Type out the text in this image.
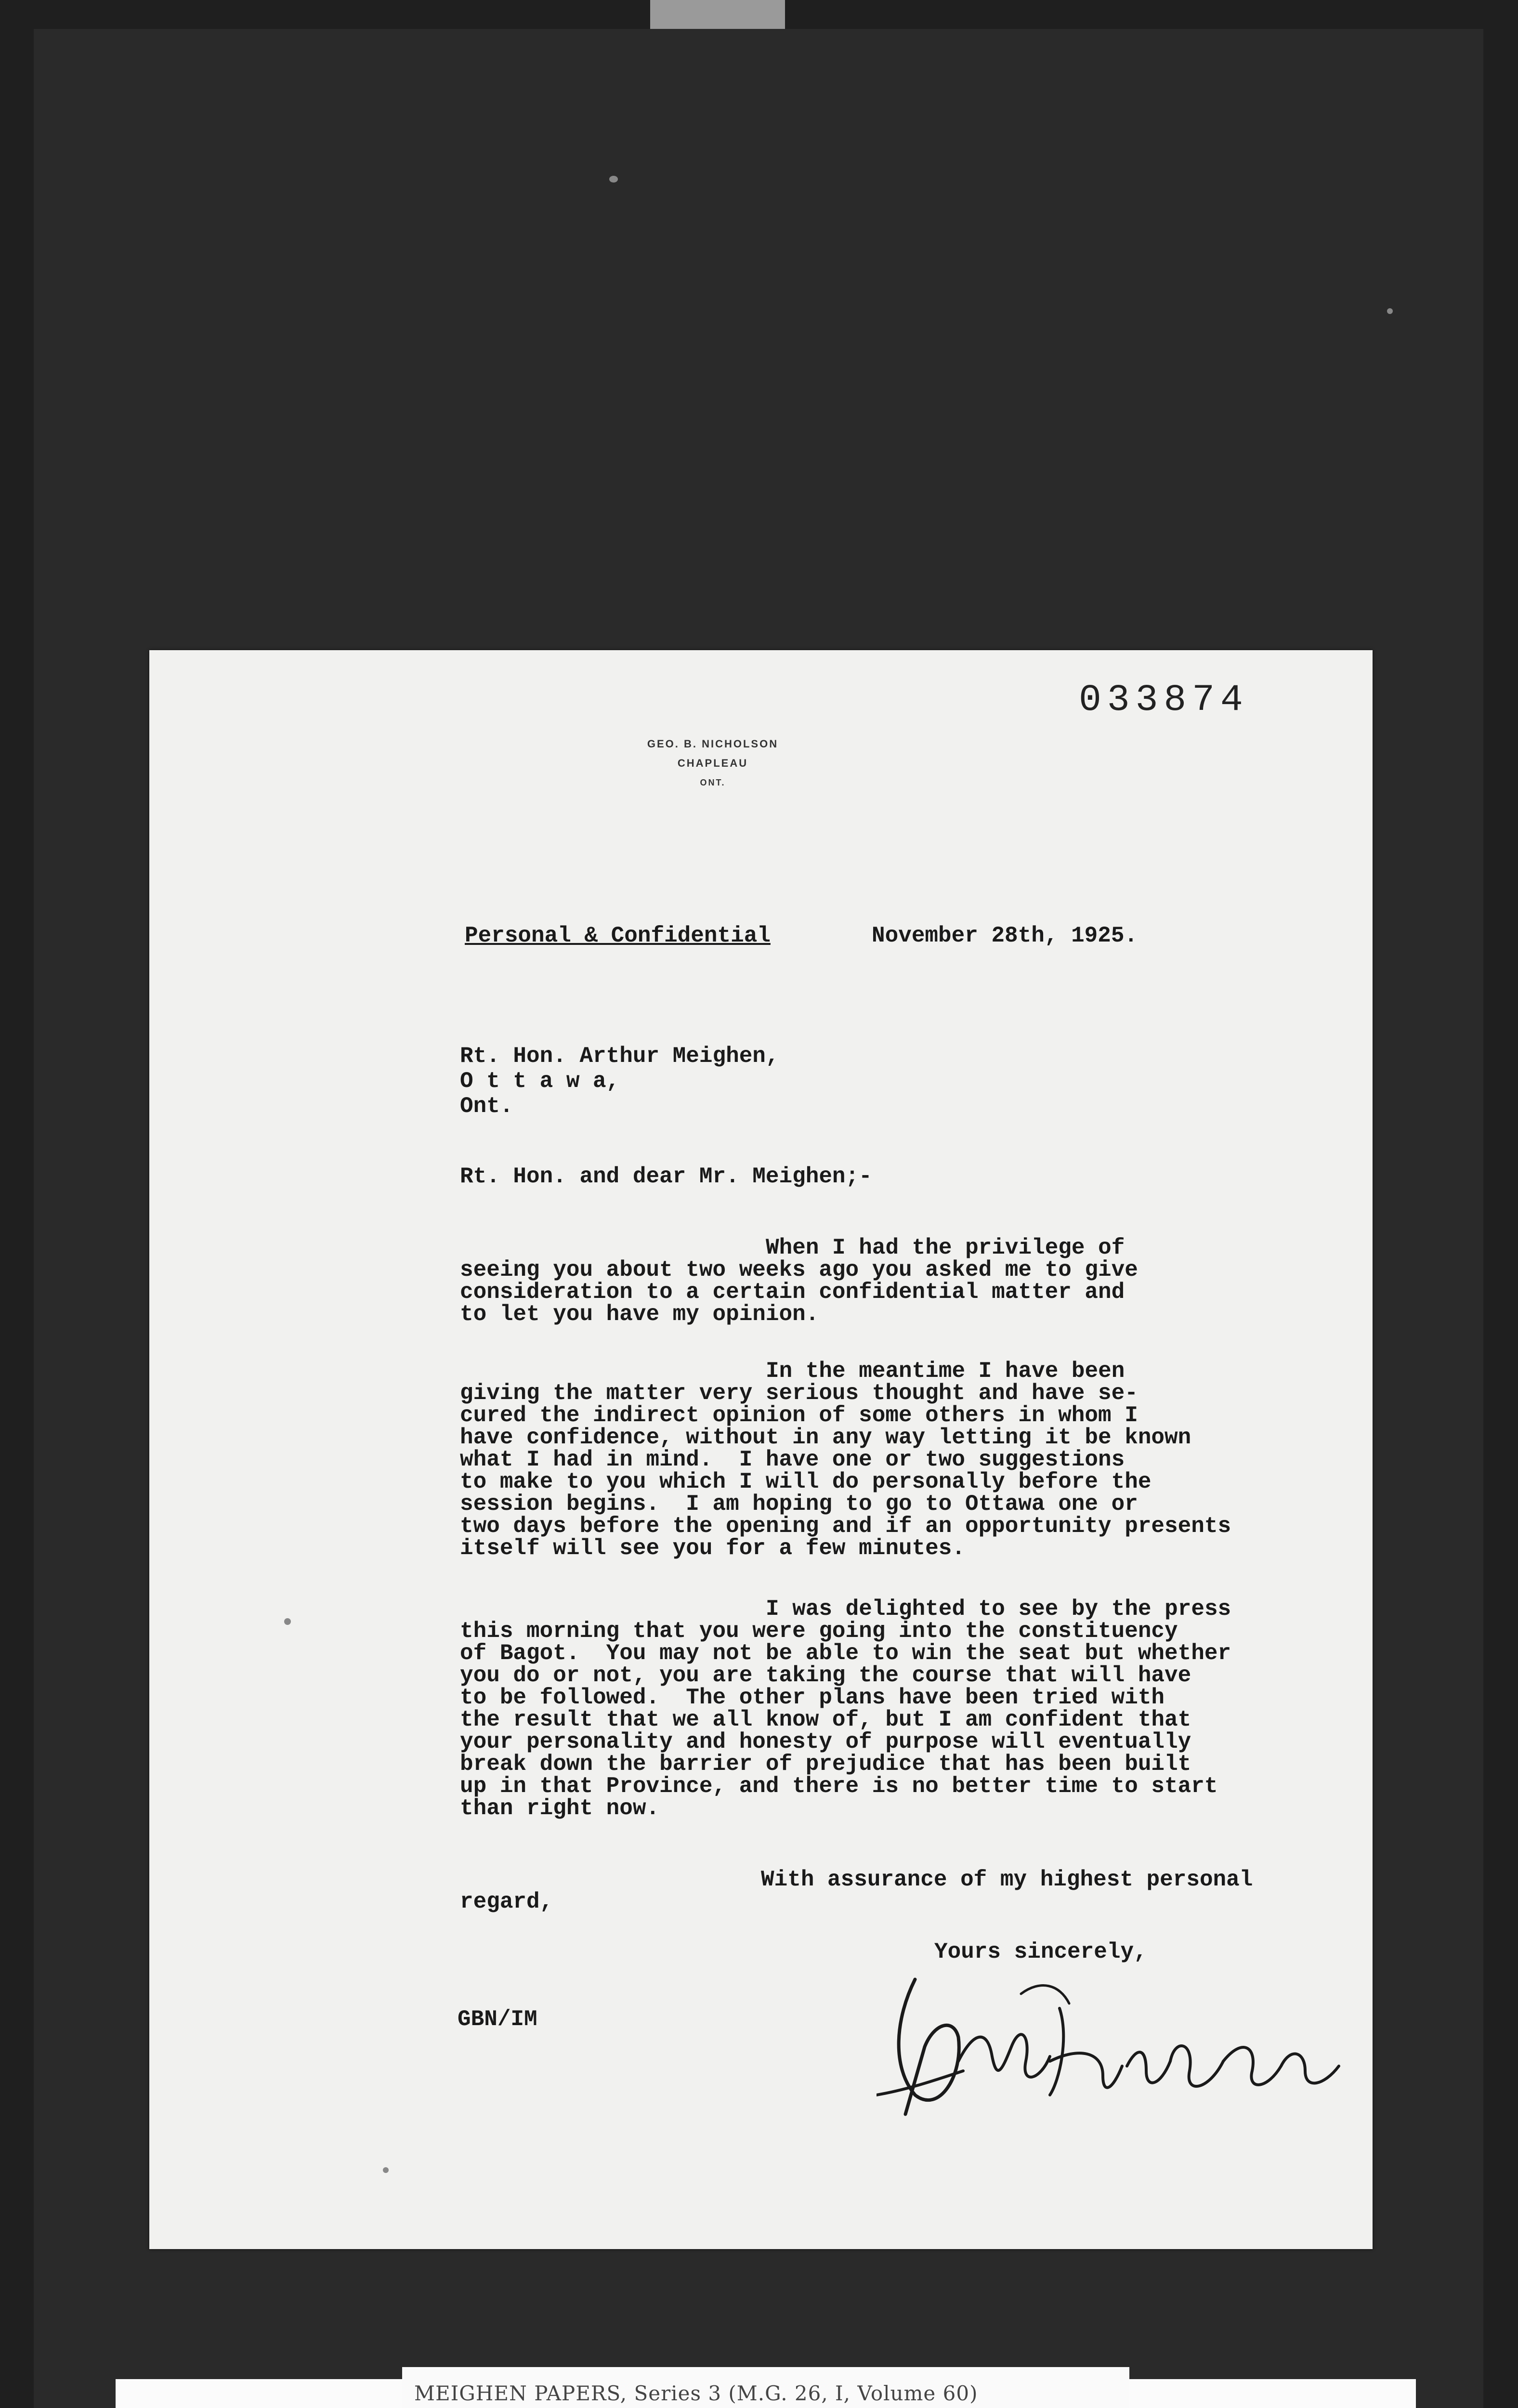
033874
GEO. B. NICHOLSON
CHAPLEAU
ONT.
Personal & Confidential	November 28th, 1925.
Rt. Hon. Arthur Meighen,
O t t a w a,
Ont.
Rt. Hon. and dear Mr. Meighen;-
When I had the privilege of
seeing you about two weeks ago you asked me to give
consideration to a certain confidential matter and
to let you have my opinion.
In the meantime I have been
giving the matter very serious thought and have se-
cured the indirect opinion of some others in whom I
have confidence, without in any way letting it be known
what I had in mind.  I have one or two suggestions
to make to you which I will do personally before the
session begins.  I am hoping to go to Ottawa one or
two days before the opening and if an opportunity presents
itself will see you for a few minutes.
I was delighted to see by the press
this morning that you were going into the constituency
of Bagot.  You may not be able to win the seat but whether
you do or not, you are taking the course that will have
to be followed.  The other plans have been tried with
the result that we all know of, but I am confident that
your personality and honesty of purpose will eventually
break down the barrier of prejudice that has been built
up in that Province, and there is no better time to start
than right now.
With assurance of my highest personal
regard,
Yours sincerely,
GBN/IM
MEIGHEN PAPERS, Series 3 (M.G. 26, I, Volume 60)
